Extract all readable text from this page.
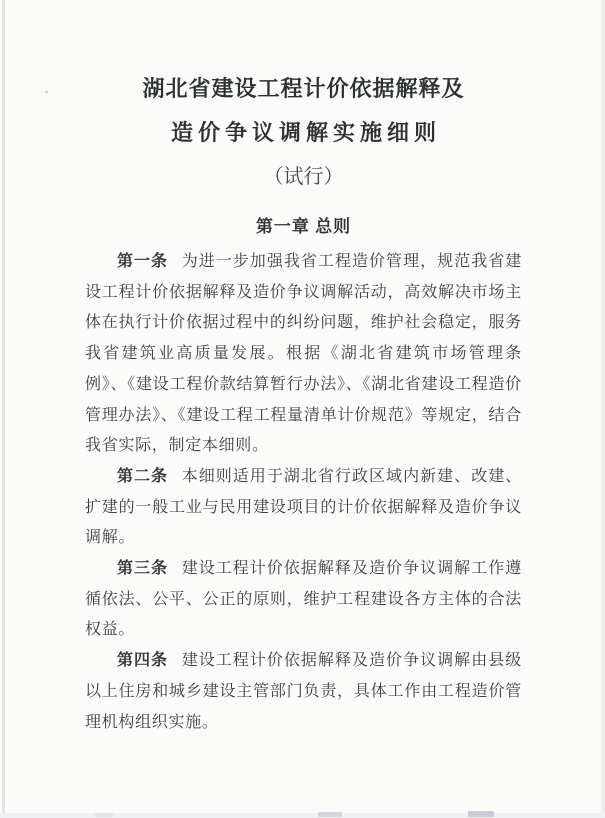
湖北省建设工程计价依据解释及
造价争议调解实施细则
（试行）
第一章 总则

第一条 为进一步加强我省工程造价管理，规范我省建设工程计价依据解释及造价争议调解活动，高效解决市场主体在执行计价依据过程中的纠纷问题，维护社会稳定，服务我省建筑业高质量发展。根据《湖北省建筑市场管理条例》、《建设工程价款结算暂行办法》、《湖北省建设工程造价管理办法》、《建设工程工程量清单计价规范》等规定，结合我省实际，制定本细则。

第二条 本细则适用于湖北省行政区域内新建、改建、扩建的一般工业与民用建设项目的计价依据解释及造价争议调解。

第三条 建设工程计价依据解释及造价争议调解工作遵循依法、公平、公正的原则，维护工程建设各方主体的合法权益。

第四条 建设工程计价依据解释及造价争议调解由县级以上住房和城乡建设主管部门负责，具体工作由工程造价管理机构组织实施。
